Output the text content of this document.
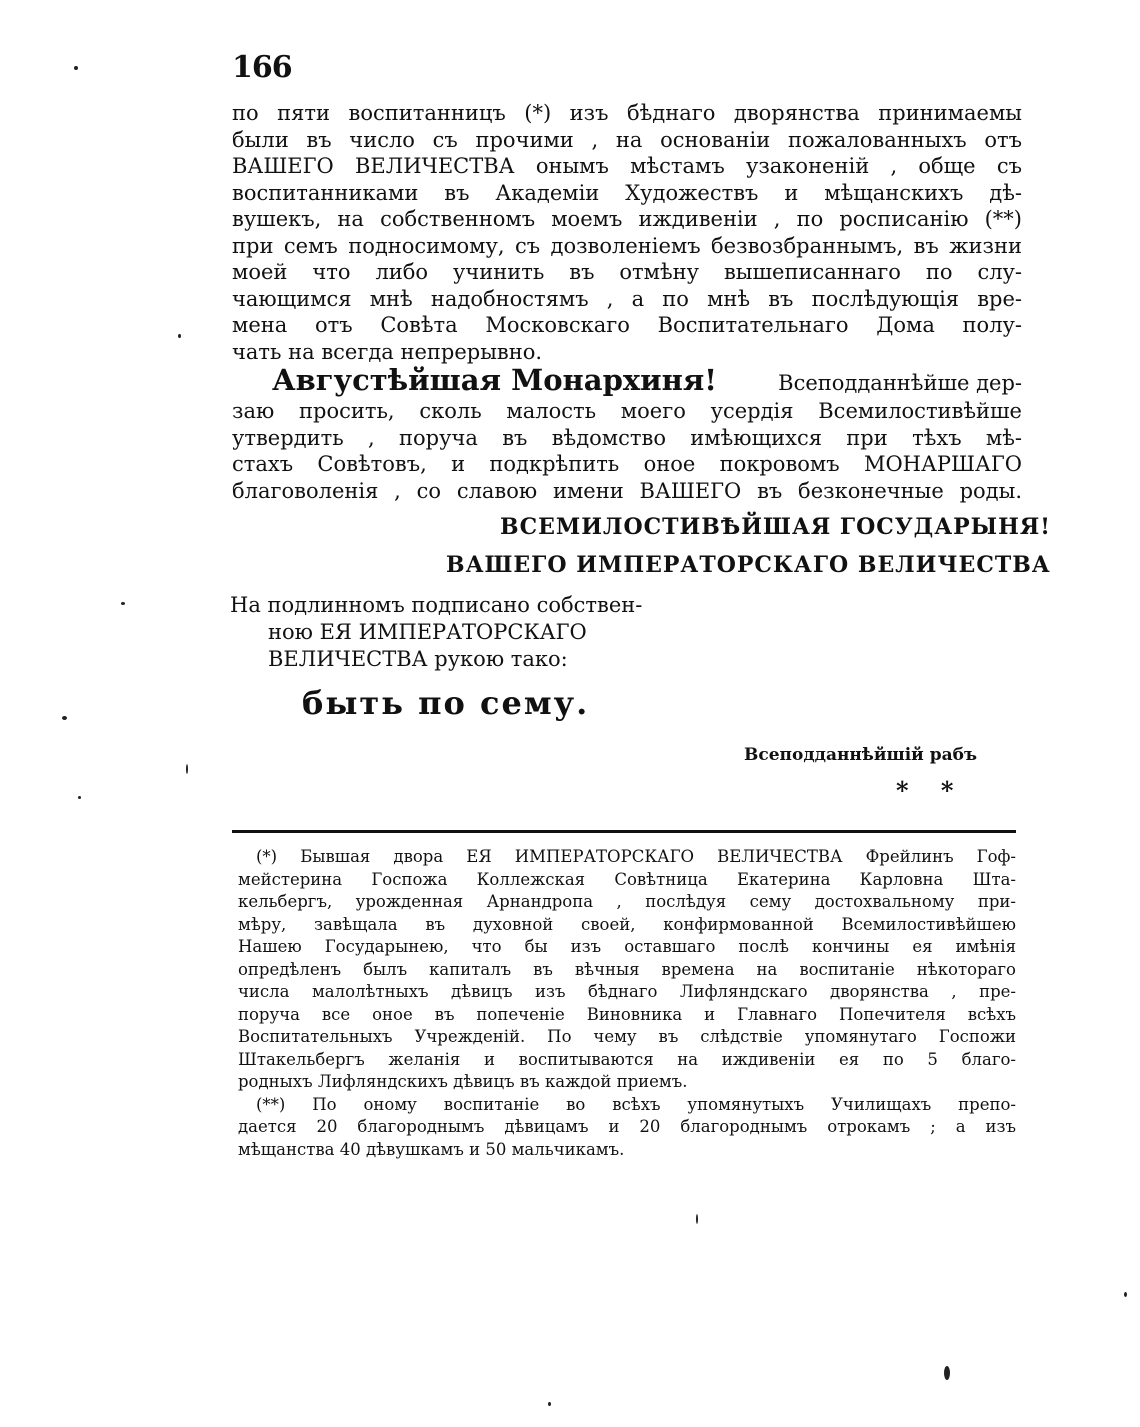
166
по пяти воспитанницъ (*) изъ бѣднаго дворянства принимаемы
были въ число съ прочими , на основаніи пожалованныхъ отъ
ВАШЕГО ВЕЛИЧЕСТВА онымъ мѣстамъ узаконеній , обще съ
воспитанниками въ Академіи Художествъ и мѣщанскихъ дѣ-
вушекъ, на собственномъ моемъ иждивеніи , по росписанію (**)
при семъ подносимому, съ дозволеніемъ безвозбраннымъ, въ жизни
моей что либо учинить въ отмѣну вышеписаннаго по слу-
чающимся мнѣ надобностямъ , а по мнѣ въ послѣдующія вре-
мена отъ Совѣта Московскаго Воспитательнаго Дома полу-
чать на всегда непрерывно.
Августѣйшая Монархиня!	Всеподданнѣйше дер-
заю просить, сколь малость моего усердія Всемилостивѣйше
утвердить , поруча въ вѣдомство имѣющихся при тѣхъ мѣ-
стахъ Совѣтовъ, и подкрѣпить оное покровомъ МОНАРШАГО
благоволенія , со славою имени ВАШЕГО въ безконечные роды.
ВСЕМИЛОСТИВѢЙШАЯ ГОСУДАРЫНЯ!
ВАШЕГО ИМПЕРАТОРСКАГО ВЕЛИЧЕСТВА
На подлинномъ подписано собствен-
ною ЕЯ ИМПЕРАТОРСКАГО
ВЕЛИЧЕСТВА рукою тако:
быть по сему.
Всеподданнѣйшій рабъ
* *
(*) Бывшая двора ЕЯ ИМПЕРАТОРСКАГО ВЕЛИЧЕСТВА Фрейлинъ Гоф-
мейстерина Госпожа Коллежская Совѣтница Екатерина Карловна Шта-
кельбергъ, урожденная Арнандропа , послѣдуя сему достохвальному при-
мѣру, завѣщала въ духовной своей, конфирмованной Всемилостивѣйшею
Нашею Государынею, что бы изъ оставшаго послѣ кончины ея имѣнія
опредѣленъ былъ капиталъ въ вѣчныя времена на воспитаніе нѣкотораго
числа малолѣтныхъ дѣвицъ изъ бѣднаго Лифляндскаго дворянства , пре-
поруча все оное въ попеченіе Виновника и Главнаго Попечителя всѣхъ
Воспитательныхъ Учрежденій. По чему въ слѣдствіе упомянутаго Госпожи
Штакельбергъ желанія и воспитываются на иждивеніи ея по 5 благо-
родныхъ Лифляндскихъ дѣвицъ въ каждой приемъ.
(**) По оному воспитаніе во всѣхъ упомянутыхъ Училищахъ препо-
дается 20 благороднымъ дѣвицамъ и 20 благороднымъ отрокамъ ; а изъ
мѣщанства 40 дѣвушкамъ и 50 мальчикамъ.
